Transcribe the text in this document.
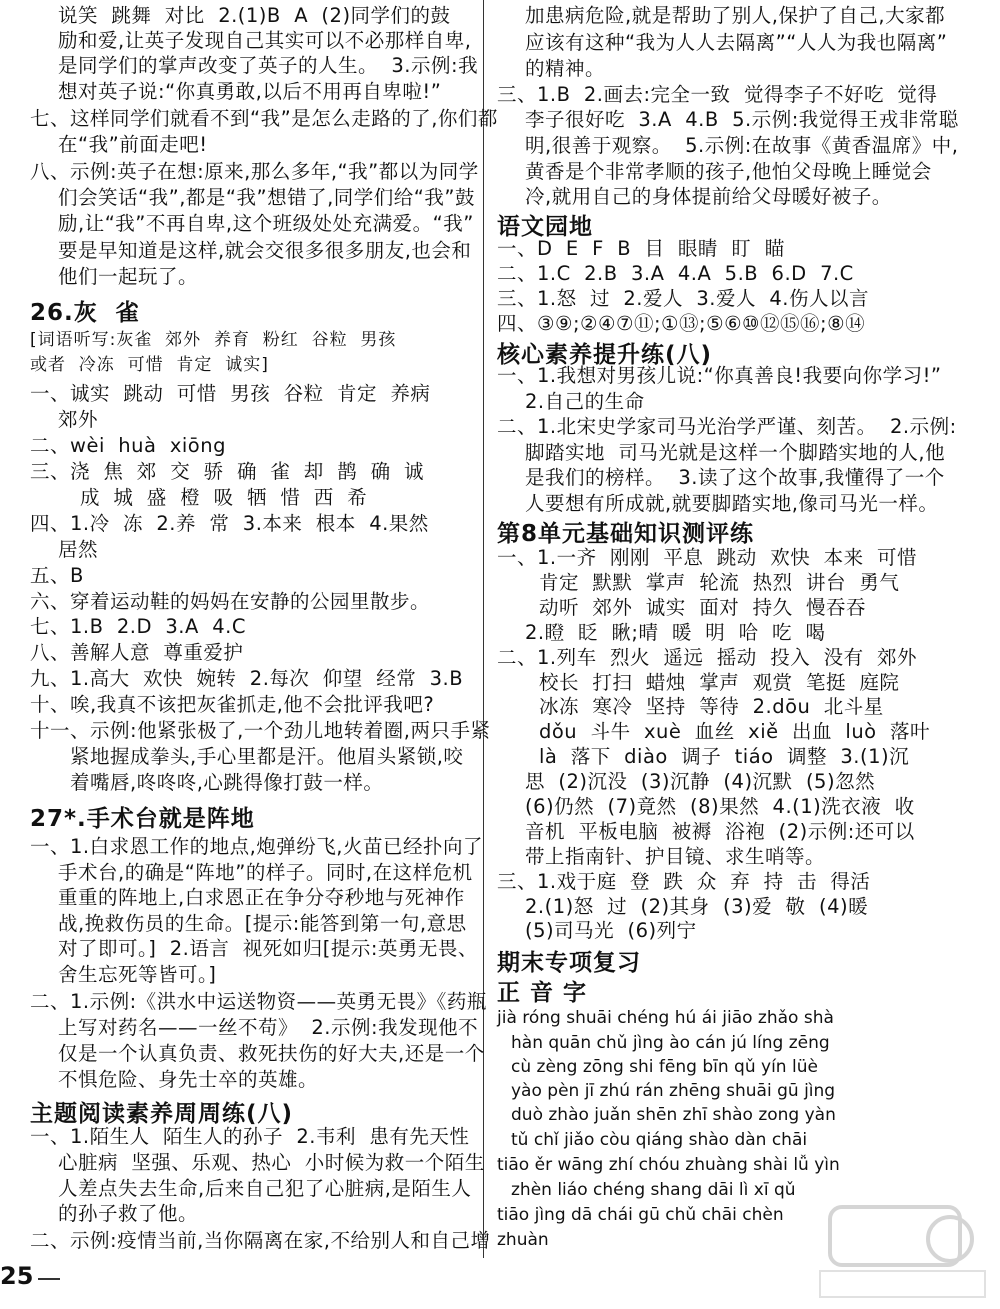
说笑  跳舞  对比  2.(1)B  A  (2)同学们的鼓
励和爱,让英子发现自己其实可以不必那样自卑,
是同学们的掌声改变了英子的人生。  3.示例:我
想对英子说:“你真勇敢,以后不用再自卑啦!”
七、这样同学们就看不到“我”是怎么走路的了,你们都
在“我”前面走吧!
八、示例:英子在想:原来,那么多年,“我”都以为同学
们会笑话“我”,都是“我”想错了,同学们给“我”鼓
励,让“我”不再自卑,这个班级处处充满爱。“我”
要是早知道是这样,就会交很多很多朋友,也会和
他们一起玩了。
26.灰  雀
[词语听写:灰雀  郊外  养育  粉红  谷粒  男孩
或者  冷冻  可惜  肯定  诚实]
一、诚实  跳动  可惜  男孩  谷粒  肯定  养病
郊外
二、wèi  huà  xiōng
三、浇  焦  郊  交  骄  确  雀  却  鹊  确  诚
成  城  盛  橙  吸  牺  惜  西  希
四、1.冷  冻  2.养  常  3.本来  根本  4.果然
居然
五、B
六、穿着运动鞋的妈妈在安静的公园里散步。
七、1.B  2.D  3.A  4.C
八、善解人意  尊重爱护
九、1.高大  欢快  婉转  2.每次  仰望  经常  3.B
十、唉,我真不该把灰雀抓走,他不会批评我吧?
十一、示例:他紧张极了,一个劲儿地转着圈,两只手紧
紧地握成拳头,手心里都是汗。他眉头紧锁,咬
着嘴唇,咚咚咚,心跳得像打鼓一样。
27*.手术台就是阵地
一、1.白求恩工作的地点,炮弹纷飞,火苗已经扑向了
手术台,的确是“阵地”的样子。同时,在这样危机
重重的阵地上,白求恩正在争分夺秒地与死神作
战,挽救伤员的生命。[提示:能答到第一句,意思
对了即可。]  2.语言  视死如归[提示:英勇无畏、
舍生忘死等皆可。]
二、1.示例:《洪水中运送物资——英勇无畏》《药瓶
上写对药名——一丝不苟》  2.示例:我发现他不
仅是一个认真负责、救死扶伤的好大夫,还是一个
不惧危险、身先士卒的英雄。
主题阅读素养周周练(八)
一、1.陌生人  陌生人的孙子  2.韦利  患有先天性
心脏病  坚强、乐观、热心  小时候为救一个陌生
人差点失去生命,后来自己犯了心脏病,是陌生人
的孙子救了他。
二、示例:疫情当前,当你隔离在家,不给别人和自己增
25
加患病危险,就是帮助了别人,保护了自己,大家都
应该有这种“我为人人去隔离”“人人为我也隔离”
的精神。
三、1.B  2.画去:完全一致  觉得李子不好吃  觉得
李子很好吃  3.A  4.B  5.示例:我觉得王戎非常聪
明,很善于观察。  5.示例:在故事《黄香温席》中,
黄香是个非常孝顺的孩子,他怕父母晚上睡觉会
冷,就用自己的身体提前给父母暖好被子。
语文园地
一、D  E  F  B  目  眼睛  盯  瞄
二、1.C  2.B  3.A  4.A  5.B  6.D  7.C
三、1.怒  过  2.爱人  3.爱人  4.伤人以言
四、③⑨;②④⑦⑪;①⑬;⑤⑥⑩⑫⑮⑯;⑧⑭
核心素养提升练(八)
一、1.我想对男孩儿说:“你真善良!我要向你学习!”
2.自己的生命
二、1.北宋史学家司马光治学严谨、刻苦。  2.示例:
脚踏实地  司马光就是这样一个脚踏实地的人,他
是我们的榜样。  3.读了这个故事,我懂得了一个
人要想有所成就,就要脚踏实地,像司马光一样。
第8单元基础知识测评练
一、1.一齐  刚刚  平息  跳动  欢快  本来  可惜
肯定  默默  掌声  轮流  热烈  讲台  勇气
动听  郊外  诚实  面对  持久  慢吞吞
2.瞪  眨  瞅;晴  暖  明  哈  吃  喝
二、1.列车  烈火  遥远  摇动  投入  没有  郊外
校长  打扫  蜡烛  掌声  观赏  笔挺  庭院
冰冻  寒冷  坚持  等待  2.dōu  北斗星
dǒu  斗牛  xuè  血丝  xiě  出血  luò  落叶
là  落下  diào  调子  tiáo  调整  3.(1)沉
思  (2)沉没  (3)沉静  (4)沉默  (5)忽然
(6)仍然  (7)竟然  (8)果然  4.(1)洗衣液  收
音机  平板电脑  被褥  浴袍  (2)示例:还可以
带上指南针、护目镜、求生哨等。
三、1.戏于庭  登  跌  众  弃  持  击  得活
2.(1)怒  过  (2)其身  (3)爱  敬  (4)暖
(5)司马光  (6)列宁
期末专项复习
正 音 字
jià róng shuāi chéng hú ái jiāo zhǎo shà
hàn quān chǔ jìng ào cán jú líng zēng
cù zèng zōng shi fēng bīn qǔ yín lüè
yào pèn jī zhú rán zhēng shuāi gū jìng
duò zhào juǎn shēn zhī shào zong yàn
tǔ chǐ jiǎo còu qiáng shào dàn chāi
tiāo ěr wāng zhí chóu zhuàng shài lǚ yìn
zhèn liáo chéng shang dāi lì xī qǔ
tiāo jìng dā chái gū chǔ chāi chèn
zhuàn
